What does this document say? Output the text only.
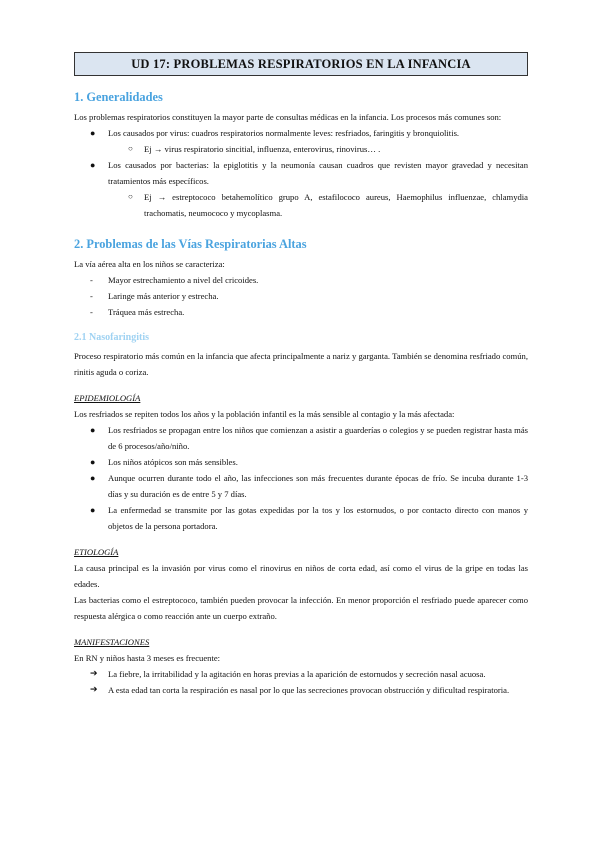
UD 17: PROBLEMAS RESPIRATORIOS EN LA INFANCIA
1. Generalidades

Los problemas respiratorios constituyen la mayor parte de consultas médicas en la infancia. Los procesos más comunes son:

● Los causados por virus: cuadros respiratorios normalmente leves: resfriados, faringitis y bronquiolitis.
○ Ej → virus respiratorio sincitial, influenza, enterovirus, rinovirus… .
● Los causados por bacterias: la epiglotitis y la neumonía causan cuadros que revisten mayor gravedad y necesitan tratamientos más específicos.
○ Ej → estreptococo betahemolítico grupo A, estafilococo aureus, Haemophilus influenzae, chlamydia trachomatis, neumococo y mycoplasma.
2. Problemas de las Vías Respiratorias Altas

La vía aérea alta en los niños se caracteriza:

- Mayor estrechamiento a nivel del cricoides.
- Laringe más anterior y estrecha.
- Tráquea más estrecha.
2.1 Nasofaringitis

Proceso respiratorio más común en la infancia que afecta principalmente a nariz y garganta. También se denomina resfriado común, rinitis aguda o coriza.

EPIDEMIOLOGÍA

Los resfriados se repiten todos los años y la población infantil es la más sensible al contagio y la más afectada:

● Los resfriados se propagan entre los niños que comienzan a asistir a guarderías o colegios y se pueden registrar hasta más de 6 procesos/año/niño.
● Los niños atópicos son más sensibles.
● Aunque ocurren durante todo el año, las infecciones son más frecuentes durante épocas de frío. Se incuba durante 1-3 días y su duración es de entre 5 y 7 días.
● La enfermedad se transmite por las gotas expedidas por la tos y los estornudos, o por contacto directo con manos y objetos de la persona portadora.

ETIOLOGÍA

La causa principal es la invasión por virus como el rinovirus en niños de corta edad, así como el virus de la gripe en todas las edades.

Las bacterias como el estreptococo, también pueden provocar la infección. En menor proporción el resfriado puede aparecer como respuesta alérgica o como reacción ante un cuerpo extraño.

MANIFESTACIONES

En RN y niños hasta 3 meses es frecuente:

➔ La fiebre, la irritabilidad y la agitación en horas previas a la aparición de estornudos y secreción nasal acuosa.
➔ A esta edad tan corta la respiración es nasal por lo que las secreciones provocan obstrucción y dificultad respiratoria.
